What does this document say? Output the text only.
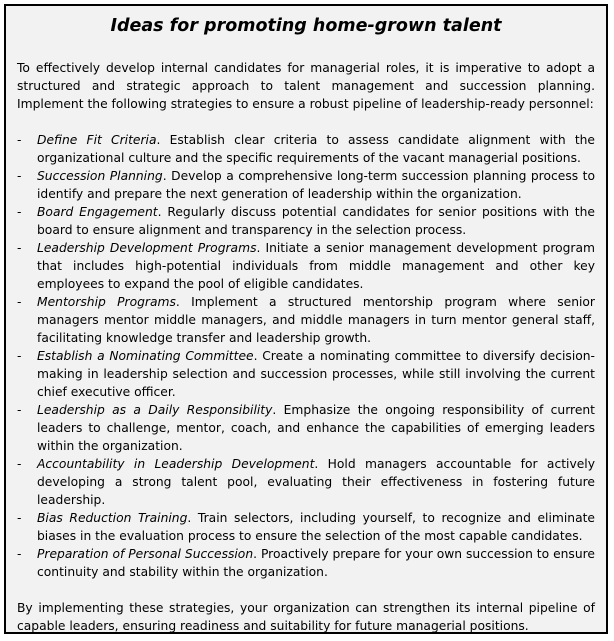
Ideas for promoting home-grown talent

To effectively develop internal candidates for managerial roles, it is imperative to adopt a structured and strategic approach to talent management and succession planning. Implement the following strategies to ensure a robust pipeline of leadership-ready personnel:

- Define Fit Criteria. Establish clear criteria to assess candidate alignment with the organizational culture and the specific requirements of the vacant managerial positions.
- Succession Planning. Develop a comprehensive long-term succession planning process to identify and prepare the next generation of leadership within the organization.
- Board Engagement. Regularly discuss potential candidates for senior positions with the board to ensure alignment and transparency in the selection process.
- Leadership Development Programs. Initiate a senior management development program that includes high-potential individuals from middle management and other key employees to expand the pool of eligible candidates.
- Mentorship Programs. Implement a structured mentorship program where senior managers mentor middle managers, and middle managers in turn mentor general staff, facilitating knowledge transfer and leadership growth.
- Establish a Nominating Committee. Create a nominating committee to diversify decision-making in leadership selection and succession processes, while still involving the current chief executive officer.
- Leadership as a Daily Responsibility. Emphasize the ongoing responsibility of current leaders to challenge, mentor, coach, and enhance the capabilities of emerging leaders within the organization.
- Accountability in Leadership Development. Hold managers accountable for actively developing a strong talent pool, evaluating their effectiveness in fostering future leadership.
- Bias Reduction Training. Train selectors, including yourself, to recognize and eliminate biases in the evaluation process to ensure the selection of the most capable candidates.
- Preparation of Personal Succession. Proactively prepare for your own succession to ensure continuity and stability within the organization.

By implementing these strategies, your organization can strengthen its internal pipeline of capable leaders, ensuring readiness and suitability for future managerial positions.
